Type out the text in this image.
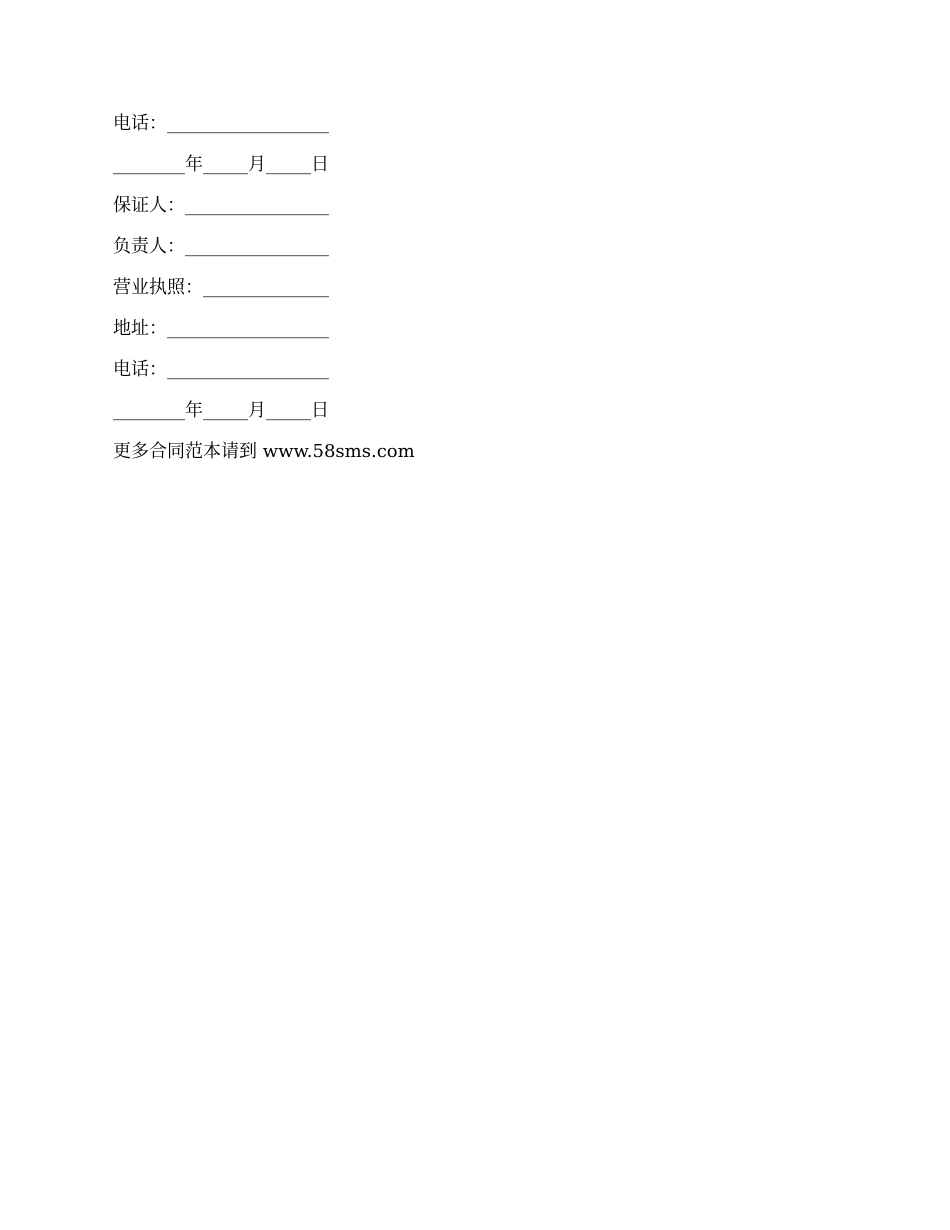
电话：__________________
________年_____月_____日
保证人：________________
负责人：________________
营业执照：______________
地址：__________________
电话：__________________
________年_____月_____日
更多合同范本请到 www.58sms.com
